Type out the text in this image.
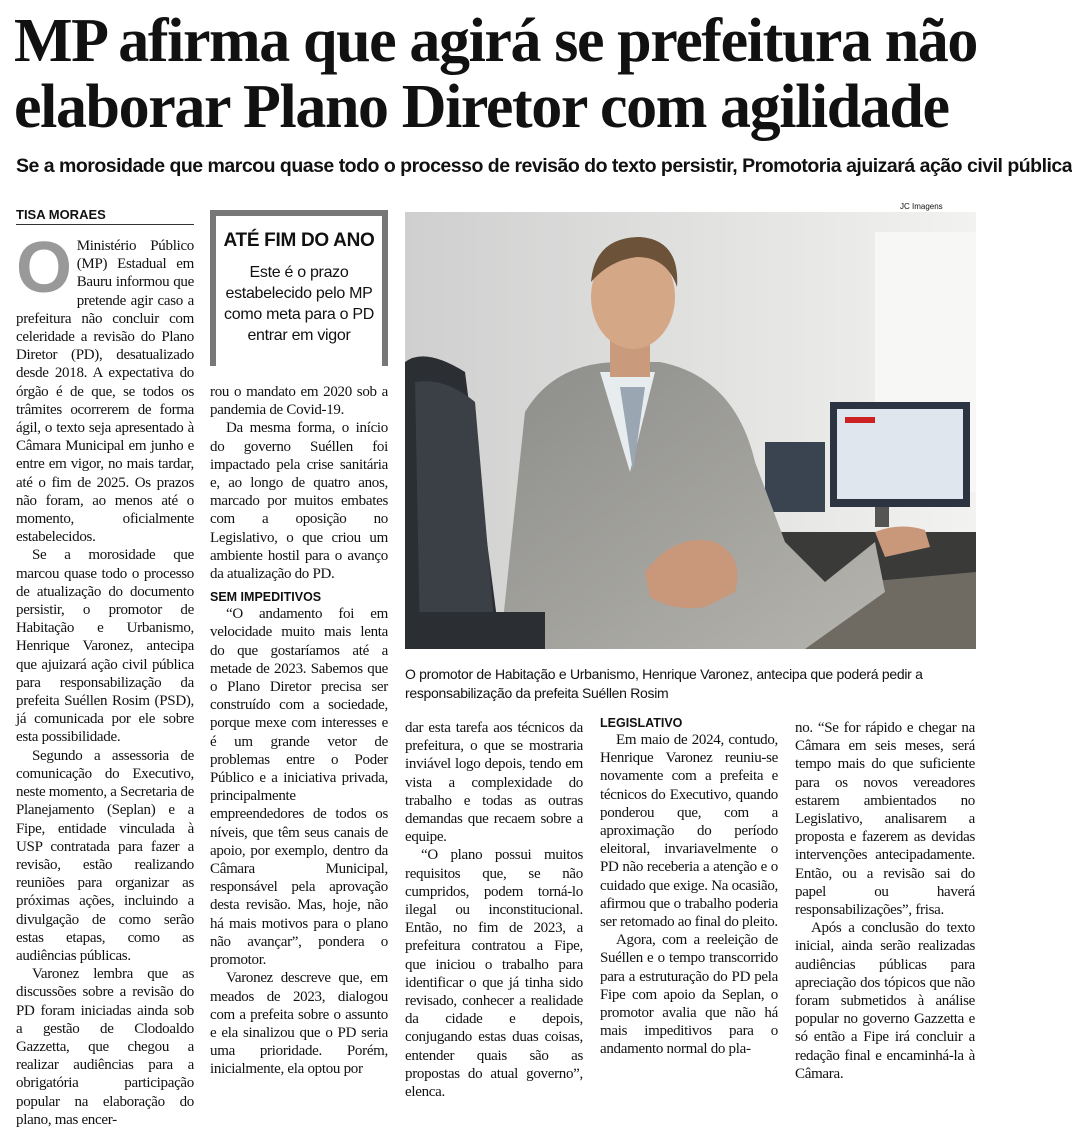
MP afirma que agirá se prefeitura não elaborar Plano Diretor com agilidade
Se a morosidade que marcou quase todo o processo de revisão do texto persistir, Promotoria ajuizará ação civil pública
TISA MORAES

O Ministério Público (MP) Estadual em Bauru informou que pretende agir caso a prefeitura não concluir com celeridade a revisão do Plano Diretor (PD), desatualizado desde 2018. A expectativa do órgão é de que, se todos os trâmites ocorrerem de forma ágil, o texto seja apresentado à Câmara Municipal em junho e entre em vigor, no mais tardar, até o fim de 2025. Os prazos não foram, ao menos até o momento, oficialmente estabelecidos.

Se a morosidade que marcou quase todo o processo de atualização do documento persistir, o promotor de Habitação e Urbanismo, Henrique Varonez, antecipa que ajuizará ação civil pública para responsabilização da prefeita Suéllen Rosim (PSD), já comunicada por ele sobre esta possibilidade.

Segundo a assessoria de comunicação do Executivo, neste momento, a Secretaria de Planejamento (Seplan) e a Fipe, entidade vinculada à USP contratada para fazer a revisão, estão realizando reuniões para organizar as próximas ações, incluindo a divulgação de como serão estas etapas, como as audiências públicas.

Varonez lembra que as discussões sobre a revisão do PD foram iniciadas ainda sob a gestão de Clodoaldo Gazzetta, que chegou a realizar audiências para a obrigatória participação popular na elaboração do plano, mas encer-

ATÉ FIM DO ANO
Este é o prazo estabelecido pelo MP como meta para o PD entrar em vigor

rou o mandato em 2020 sob a pandemia de Covid-19.

Da mesma forma, o início do governo Suéllen foi impactado pela crise sanitária e, ao longo de quatro anos, marcado por muitos embates com a oposição no Legislativo, o que criou um ambiente hostil para o avanço da atualização do PD.

SEM IMPEDITIVOS

“O andamento foi em velocidade muito mais lenta do que gostaríamos até a metade de 2023. Sabemos que o Plano Diretor precisa ser construído com a sociedade, porque mexe com interesses e é um grande vetor de problemas entre o Poder Público e a iniciativa privada, principalmente empreendedores de todos os níveis, que têm seus canais de apoio, por exemplo, dentro da Câmara Municipal, responsável pela aprovação desta revisão. Mas, hoje, não há mais motivos para o plano não avançar”, pondera o promotor.

Varonez descreve que, em meados de 2023, dialogou com a prefeita sobre o assunto e ela sinalizou que o PD seria uma prioridade. Porém, inicialmente, ela optou por

JC Imagens
O promotor de Habitação e Urbanismo, Henrique Varonez, antecipa que poderá pedir a responsabilização da prefeita Suéllen Rosim

dar esta tarefa aos técnicos da prefeitura, o que se mostraria inviável logo depois, tendo em vista a complexidade do trabalho e todas as outras demandas que recaem sobre a equipe.

“O plano possui muitos requisitos que, se não cumpridos, podem torná-lo ilegal ou inconstitucional. Então, no fim de 2023, a prefeitura contratou a Fipe, que iniciou o trabalho para identificar o que já tinha sido revisado, conhecer a realidade da cidade e depois, conjugando estas duas coisas, entender quais são as propostas do atual governo”, elenca.

LEGISLATIVO

Em maio de 2024, contudo, Henrique Varonez reuniu-se novamente com a prefeita e técnicos do Executivo, quando ponderou que, com a aproximação do período eleitoral, invariavelmente o PD não receberia a atenção e o cuidado que exige. Na ocasião, afirmou que o trabalho poderia ser retomado ao final do pleito.

Agora, com a reeleição de Suéllen e o tempo transcorrido para a estruturação do PD pela Fipe com apoio da Seplan, o promotor avalia que não há mais impeditivos para o andamento normal do pla-

no. “Se for rápido e chegar na Câmara em seis meses, será tempo mais do que suficiente para os novos vereadores estarem ambientados no Legislativo, analisarem a proposta e fazerem as devidas intervenções antecipadamente. Então, ou a revisão sai do papel ou haverá responsabilizações”, frisa.

Após a conclusão do texto inicial, ainda serão realizadas audiências públicas para apreciação dos tópicos que não foram submetidos à análise popular no governo Gazzetta e só então a Fipe irá concluir a redação final e encaminhá-la à Câmara.
